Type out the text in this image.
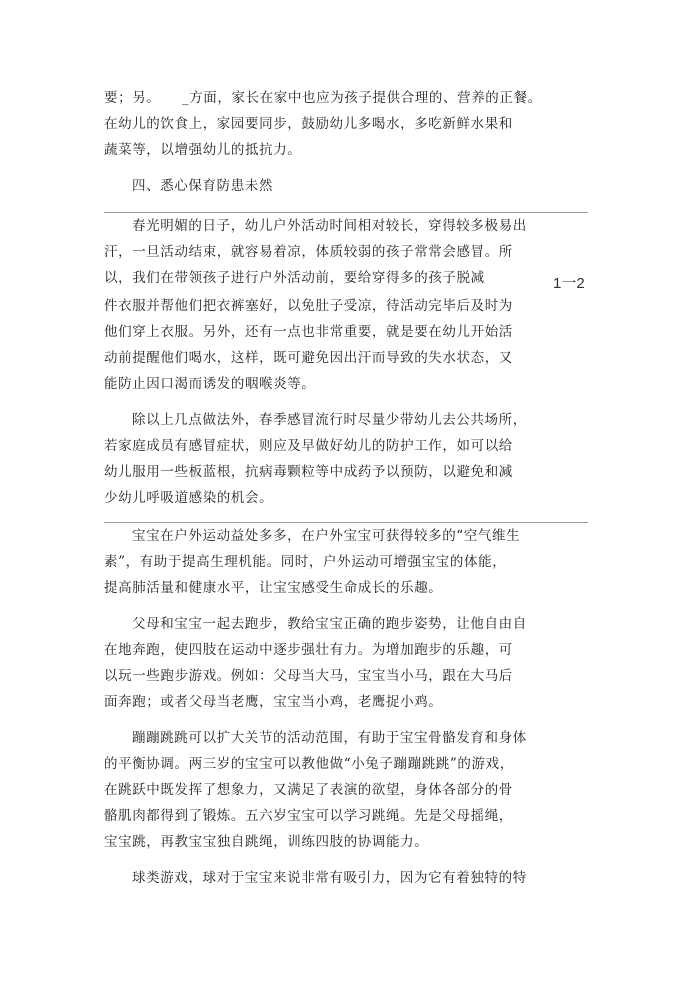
要；另。　　_方面，家长在家中也应为孩子提供合理的、营养的正餐。
在幼儿的饮食上，家园要同步，鼓励幼儿多喝水，多吃新鲜水果和
蔬菜等，以增强幼儿的抵抗力。
四、悉心保育防患未然
春光明媚的日子，幼儿户外活动时间相对较长，穿得较多极易出
汗，一旦活动结束，就容易着凉，体质较弱的孩子常常会感冒。所
以，我们在带领孩子进行户外活动前，要给穿得多的孩子脱减
件衣服并帮他们把衣裤塞好，以免肚子受凉，待活动完毕后及时为
他们穿上衣服。另外，还有一点也非常重要，就是要在幼儿开始活
动前提醒他们喝水，这样，既可避免因出汗而导致的失水状态，又
能防止因口渴而诱发的咽喉炎等。
1一2
除以上几点做法外，春季感冒流行时尽量少带幼儿去公共场所，
若家庭成员有感冒症状，则应及早做好幼儿的防护工作，如可以给
幼儿服用一些板蓝根，抗病毒颗粒等中成药予以预防，以避免和减
少幼儿呼吸道感染的机会。
宝宝在户外运动益处多多，在户外宝宝可获得较多的“空气维生
素”，有助于提高生理机能。同时，户外运动可增强宝宝的体能，
提高肺活量和健康水平，让宝宝感受生命成长的乐趣。
父母和宝宝一起去跑步，教给宝宝正确的跑步姿势，让他自由自
在地奔跑，使四肢在运动中逐步强壮有力。为增加跑步的乐趣，可
以玩一些跑步游戏。例如：父母当大马，宝宝当小马，跟在大马后
面奔跑；或者父母当老鹰，宝宝当小鸡，老鹰捉小鸡。
蹦蹦跳跳可以扩大关节的活动范围，有助于宝宝骨骼发育和身体
的平衡协调。两三岁的宝宝可以教他做“小兔子蹦蹦跳跳”的游戏，
在跳跃中既发挥了想象力，又满足了表演的欲望，身体各部分的骨
骼肌肉都得到了锻炼。五六岁宝宝可以学习跳绳。先是父母摇绳，
宝宝跳，再教宝宝独自跳绳，训练四肢的协调能力。
球类游戏，球对于宝宝来说非常有吸引力，因为它有着独特的特
